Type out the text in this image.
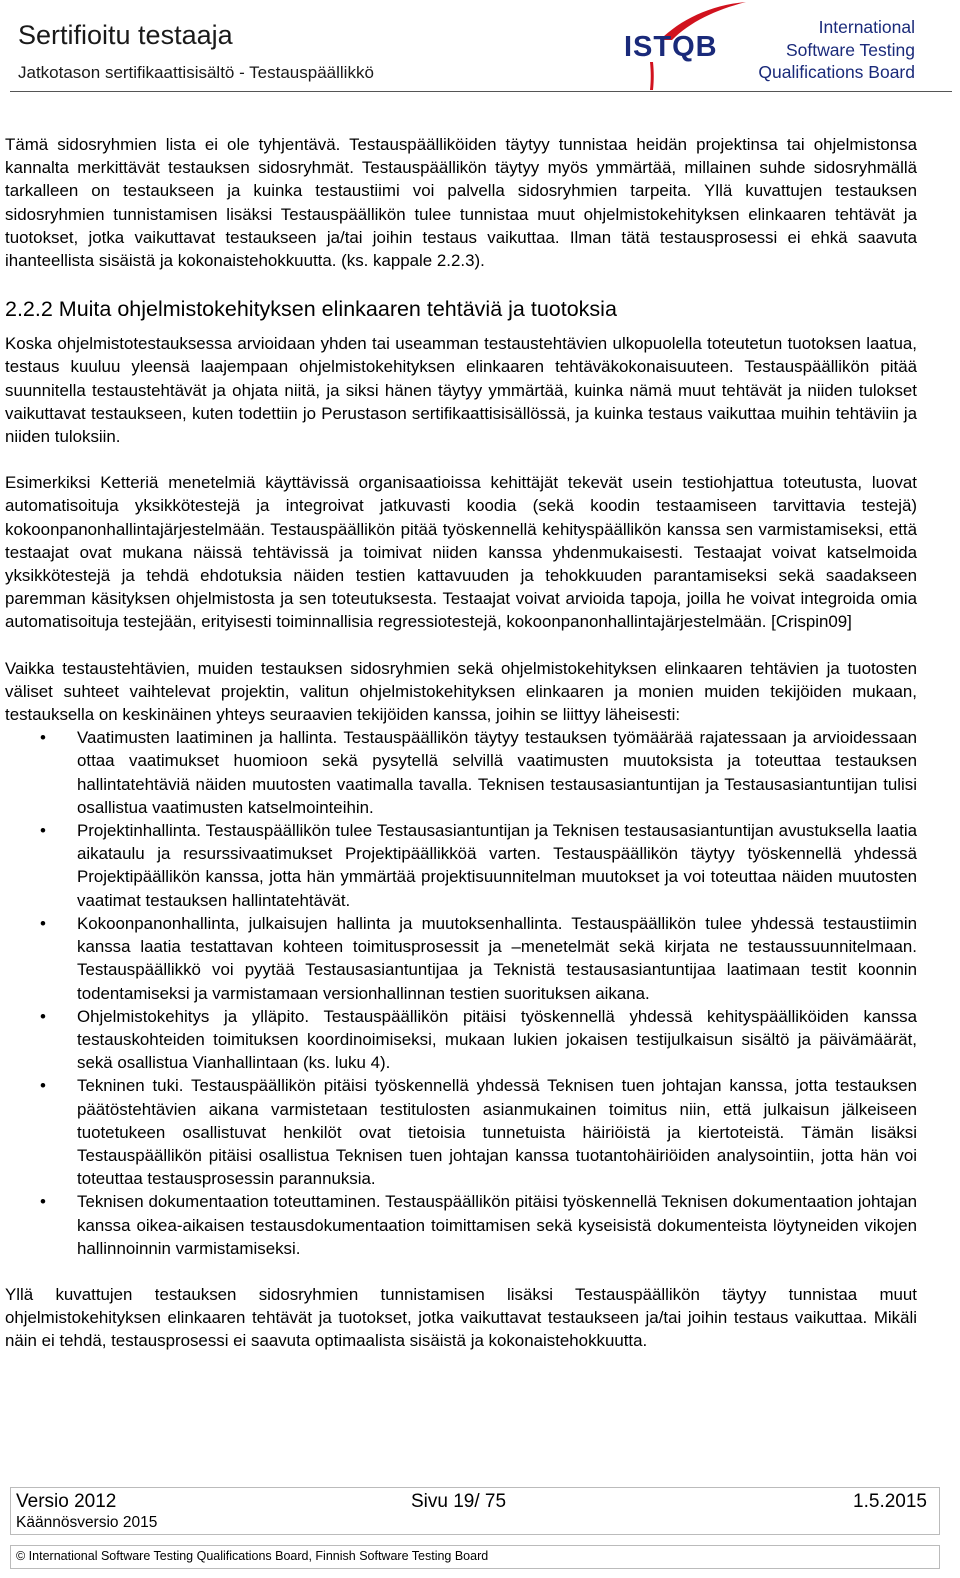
Sertifioitu testaaja
Jatkotason sertifikaattisisältö - Testauspäällikkö
ISTQB
International
Software Testing
Qualifications Board

Tämä sidosryhmien lista ei ole tyhjentävä. Testauspäälliköiden täytyy tunnistaa heidän projektinsa tai ohjelmistonsa kannalta merkittävät testauksen sidosryhmät. Testauspäällikön täytyy myös ymmärtää, millainen suhde sidosryhmällä tarkalleen on testaukseen ja kuinka testaustiimi voi palvella sidosryhmien tarpeita. Yllä kuvattujen testauksen sidosryhmien tunnistamisen lisäksi Testauspäällikön tulee tunnistaa muut ohjelmistokehityksen elinkaaren tehtävät ja tuotokset, jotka vaikuttavat testaukseen ja/tai joihin testaus vaikuttaa. Ilman tätä testausprosessi ei ehkä saavuta ihanteellista sisäistä ja kokonaistehokkuutta. (ks. kappale 2.2.3).

2.2.2 Muita ohjelmistokehityksen elinkaaren tehtäviä ja tuotoksia

Koska ohjelmistotestauksessa arvioidaan yhden tai useamman testaustehtävien ulkopuolella toteutetun tuotoksen laatua, testaus kuuluu yleensä laajempaan ohjelmistokehityksen elinkaaren tehtäväkokonaisuuteen. Testauspäällikön pitää suunnitella testaustehtävät ja ohjata niitä, ja siksi hänen täytyy ymmärtää, kuinka nämä muut tehtävät ja niiden tulokset vaikuttavat testaukseen, kuten todettiin jo Perustason sertifikaattisisällössä, ja kuinka testaus vaikuttaa muihin tehtäviin ja niiden tuloksiin.

Esimerkiksi Ketteriä menetelmiä käyttävissä organisaatioissa kehittäjät tekevät usein testiohjattua toteutusta, luovat automatisoituja yksikkötestejä ja integroivat jatkuvasti koodia (sekä koodin testaamiseen tarvittavia testejä) kokoonpanonhallintajärjestelmään. Testauspäällikön pitää työskennellä kehityspäällikön kanssa sen varmistamiseksi, että testaajat ovat mukana näissä tehtävissä ja toimivat niiden kanssa yhdenmukaisesti. Testaajat voivat katselmoida yksikkötestejä ja tehdä ehdotuksia näiden testien kattavuuden ja tehokkuuden parantamiseksi sekä saadakseen paremman käsityksen ohjelmistosta ja sen toteutuksesta. Testaajat voivat arvioida tapoja, joilla he voivat integroida omia automatisoituja testejään, erityisesti toiminnallisia regressiotestejä, kokoonpanonhallintajärjestelmään. [Crispin09]

Vaikka testaustehtävien, muiden testauksen sidosryhmien sekä ohjelmistokehityksen elinkaaren tehtävien ja tuotosten väliset suhteet vaihtelevat projektin, valitun ohjelmistokehityksen elinkaaren ja monien muiden tekijöiden mukaan, testauksella on keskinäinen yhteys seuraavien tekijöiden kanssa, joihin se liittyy läheisesti:

• Vaatimusten laatiminen ja hallinta. Testauspäällikön täytyy testauksen työmäärää rajatessaan ja arvioidessaan ottaa vaatimukset huomioon sekä pysytellä selvillä vaatimusten muutoksista ja toteuttaa testauksen hallintatehtäviä näiden muutosten vaatimalla tavalla. Teknisen testausasiantuntijan ja Testausasiantuntijan tulisi osallistua vaatimusten katselmointeihin.
• Projektinhallinta. Testauspäällikön tulee Testausasiantuntijan ja Teknisen testausasiantuntijan avustuksella laatia aikataulu ja resurssivaatimukset Projektipäällikköä varten. Testauspäällikön täytyy työskennellä yhdessä Projektipäällikön kanssa, jotta hän ymmärtää projektisuunnitelman muutokset ja voi toteuttaa näiden muutosten vaatimat testauksen hallintatehtävät.
• Kokoonpanonhallinta, julkaisujen hallinta ja muutoksenhallinta. Testauspäällikön tulee yhdessä testaustiimin kanssa laatia testattavan kohteen toimitusprosessit ja –menetelmät sekä kirjata ne testaussuunnitelmaan. Testauspäällikkö voi pyytää Testausasiantuntijaa ja Teknistä testausasiantuntijaa laatimaan testit koonnin todentamiseksi ja varmistamaan versionhallinnan testien suorituksen aikana.
• Ohjelmistokehitys ja ylläpito. Testauspäällikön pitäisi työskennellä yhdessä kehityspäälliköiden kanssa testauskohteiden toimituksen koordinoimiseksi, mukaan lukien jokaisen testijulkaisun sisältö ja päivämäärät, sekä osallistua Vianhallintaan (ks. luku 4).
• Tekninen tuki. Testauspäällikön pitäisi työskennellä yhdessä Teknisen tuen johtajan kanssa, jotta testauksen päätöstehtävien aikana varmistetaan testitulosten asianmukainen toimitus niin, että julkaisun jälkeiseen tuotetukeen osallistuvat henkilöt ovat tietoisia tunnetuista häiriöistä ja kiertoteistä. Tämän lisäksi Testauspäällikön pitäisi osallistua Teknisen tuen johtajan kanssa tuotantohäiriöiden analysointiin, jotta hän voi toteuttaa testausprosessin parannuksia.
• Teknisen dokumentaation toteuttaminen. Testauspäällikön pitäisi työskennellä Teknisen dokumentaation johtajan kanssa oikea-aikaisen testausdokumentaation toimittamisen sekä kyseisistä dokumenteista löytyneiden vikojen hallinnoinnin varmistamiseksi.

Yllä kuvattujen testauksen sidosryhmien tunnistamisen lisäksi Testauspäällikön täytyy tunnistaa muut ohjelmistokehityksen elinkaaren tehtävät ja tuotokset, jotka vaikuttavat testaukseen ja/tai joihin testaus vaikuttaa. Mikäli näin ei tehdä, testausprosessi ei saavuta optimaalista sisäistä ja kokonaistehokkuutta.

Versio 2012
Käännösversio 2015
Sivu 19/ 75	1.5.2015
© International Software Testing Qualifications Board, Finnish Software Testing Board
